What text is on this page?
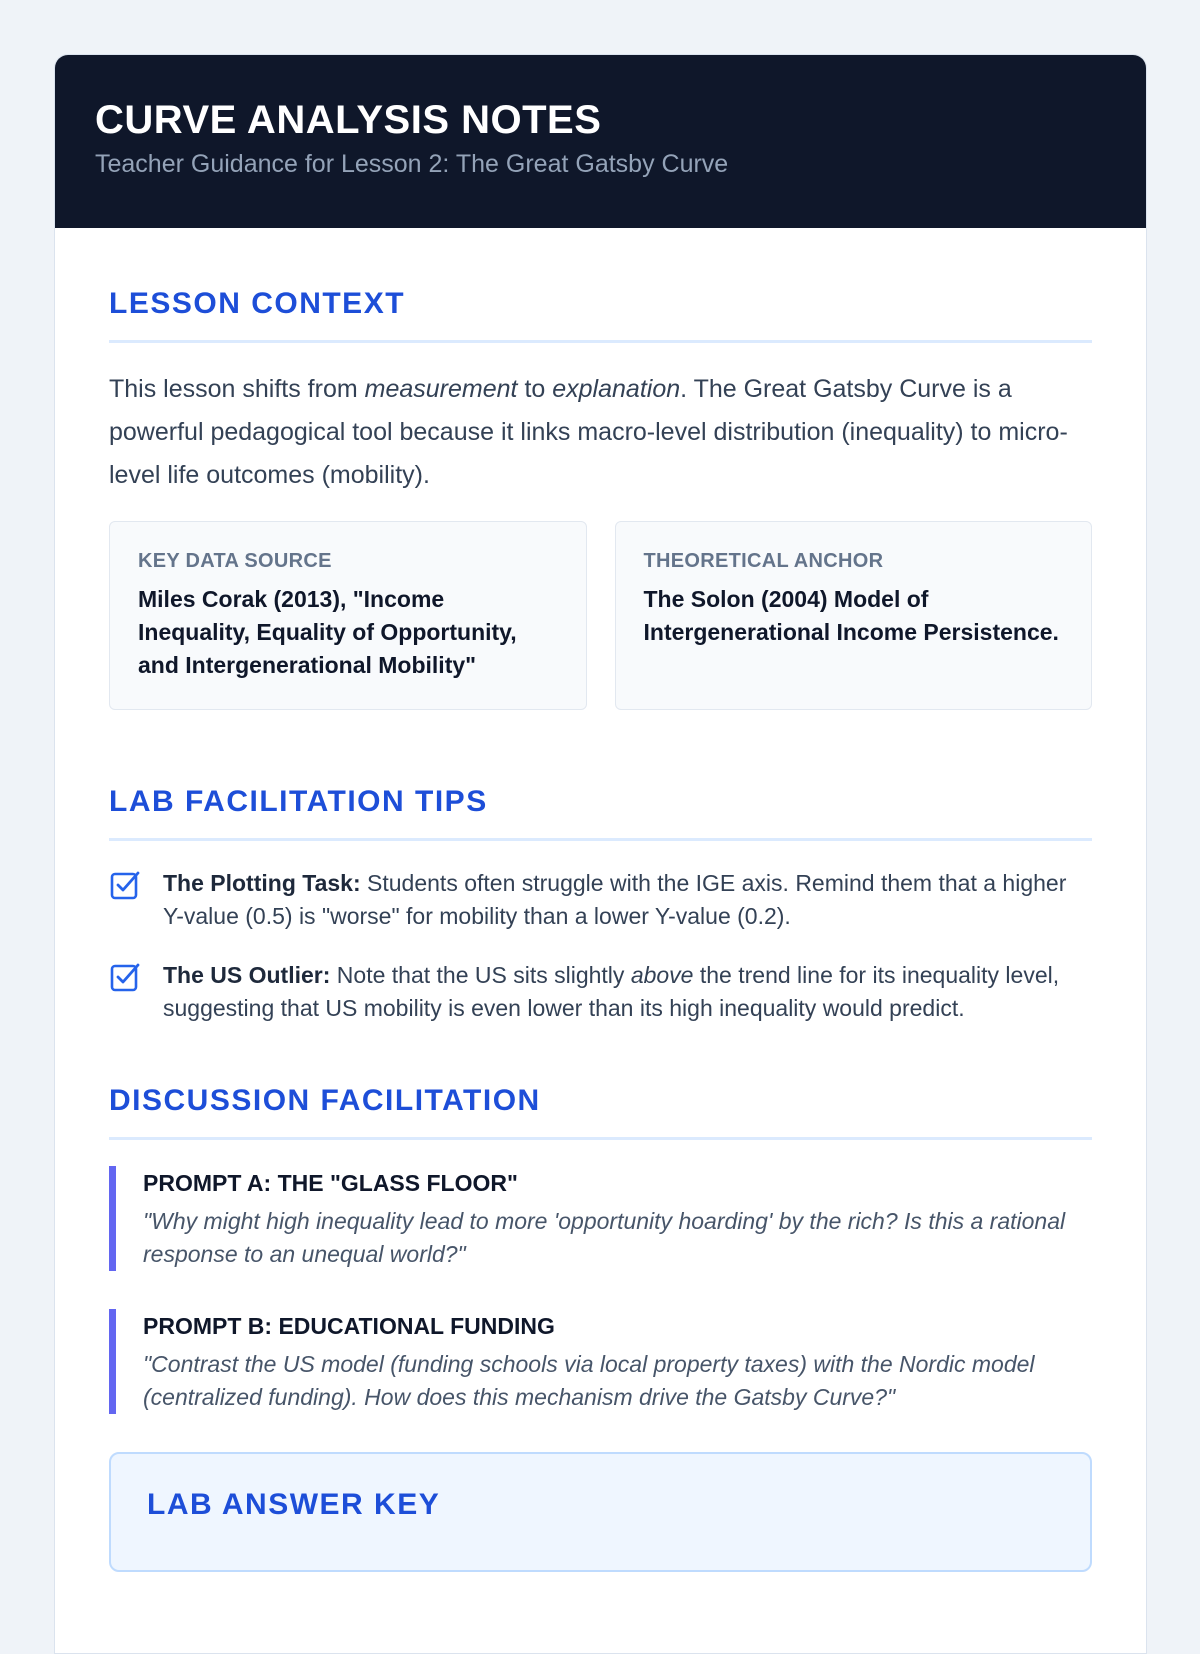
CURVE ANALYSIS NOTES
Teacher Guidance for Lesson 2: The Great Gatsby Curve
LESSON CONTEXT

This lesson shifts from measurement to explanation. The Great Gatsby Curve is a powerful pedagogical tool because it links macro-level distribution (inequality) to micro-level life outcomes (mobility).

KEY DATA SOURCE
Miles Corak (2013), "Income Inequality, Equality of Opportunity, and Intergenerational Mobility"
THEORETICAL ANCHOR
The Solon (2004) Model of Intergenerational Income Persistence.
LAB FACILITATION TIPS
The Plotting Task: Students often struggle with the IGE axis. Remind them that a higher Y-value (0.5) is "worse" for mobility than a lower Y-value (0.2).
The US Outlier: Note that the US sits slightly above the trend line for its inequality level, suggesting that US mobility is even lower than its high inequality would predict.
DISCUSSION FACILITATION
PROMPT A: THE "GLASS FLOOR"
"Why might high inequality lead to more 'opportunity hoarding' by the rich? Is this a rational response to an unequal world?"
PROMPT B: EDUCATIONAL FUNDING
"Contrast the US model (funding schools via local property taxes) with the Nordic model (centralized funding). How does this mechanism drive the Gatsby Curve?"
LAB ANSWER KEY
